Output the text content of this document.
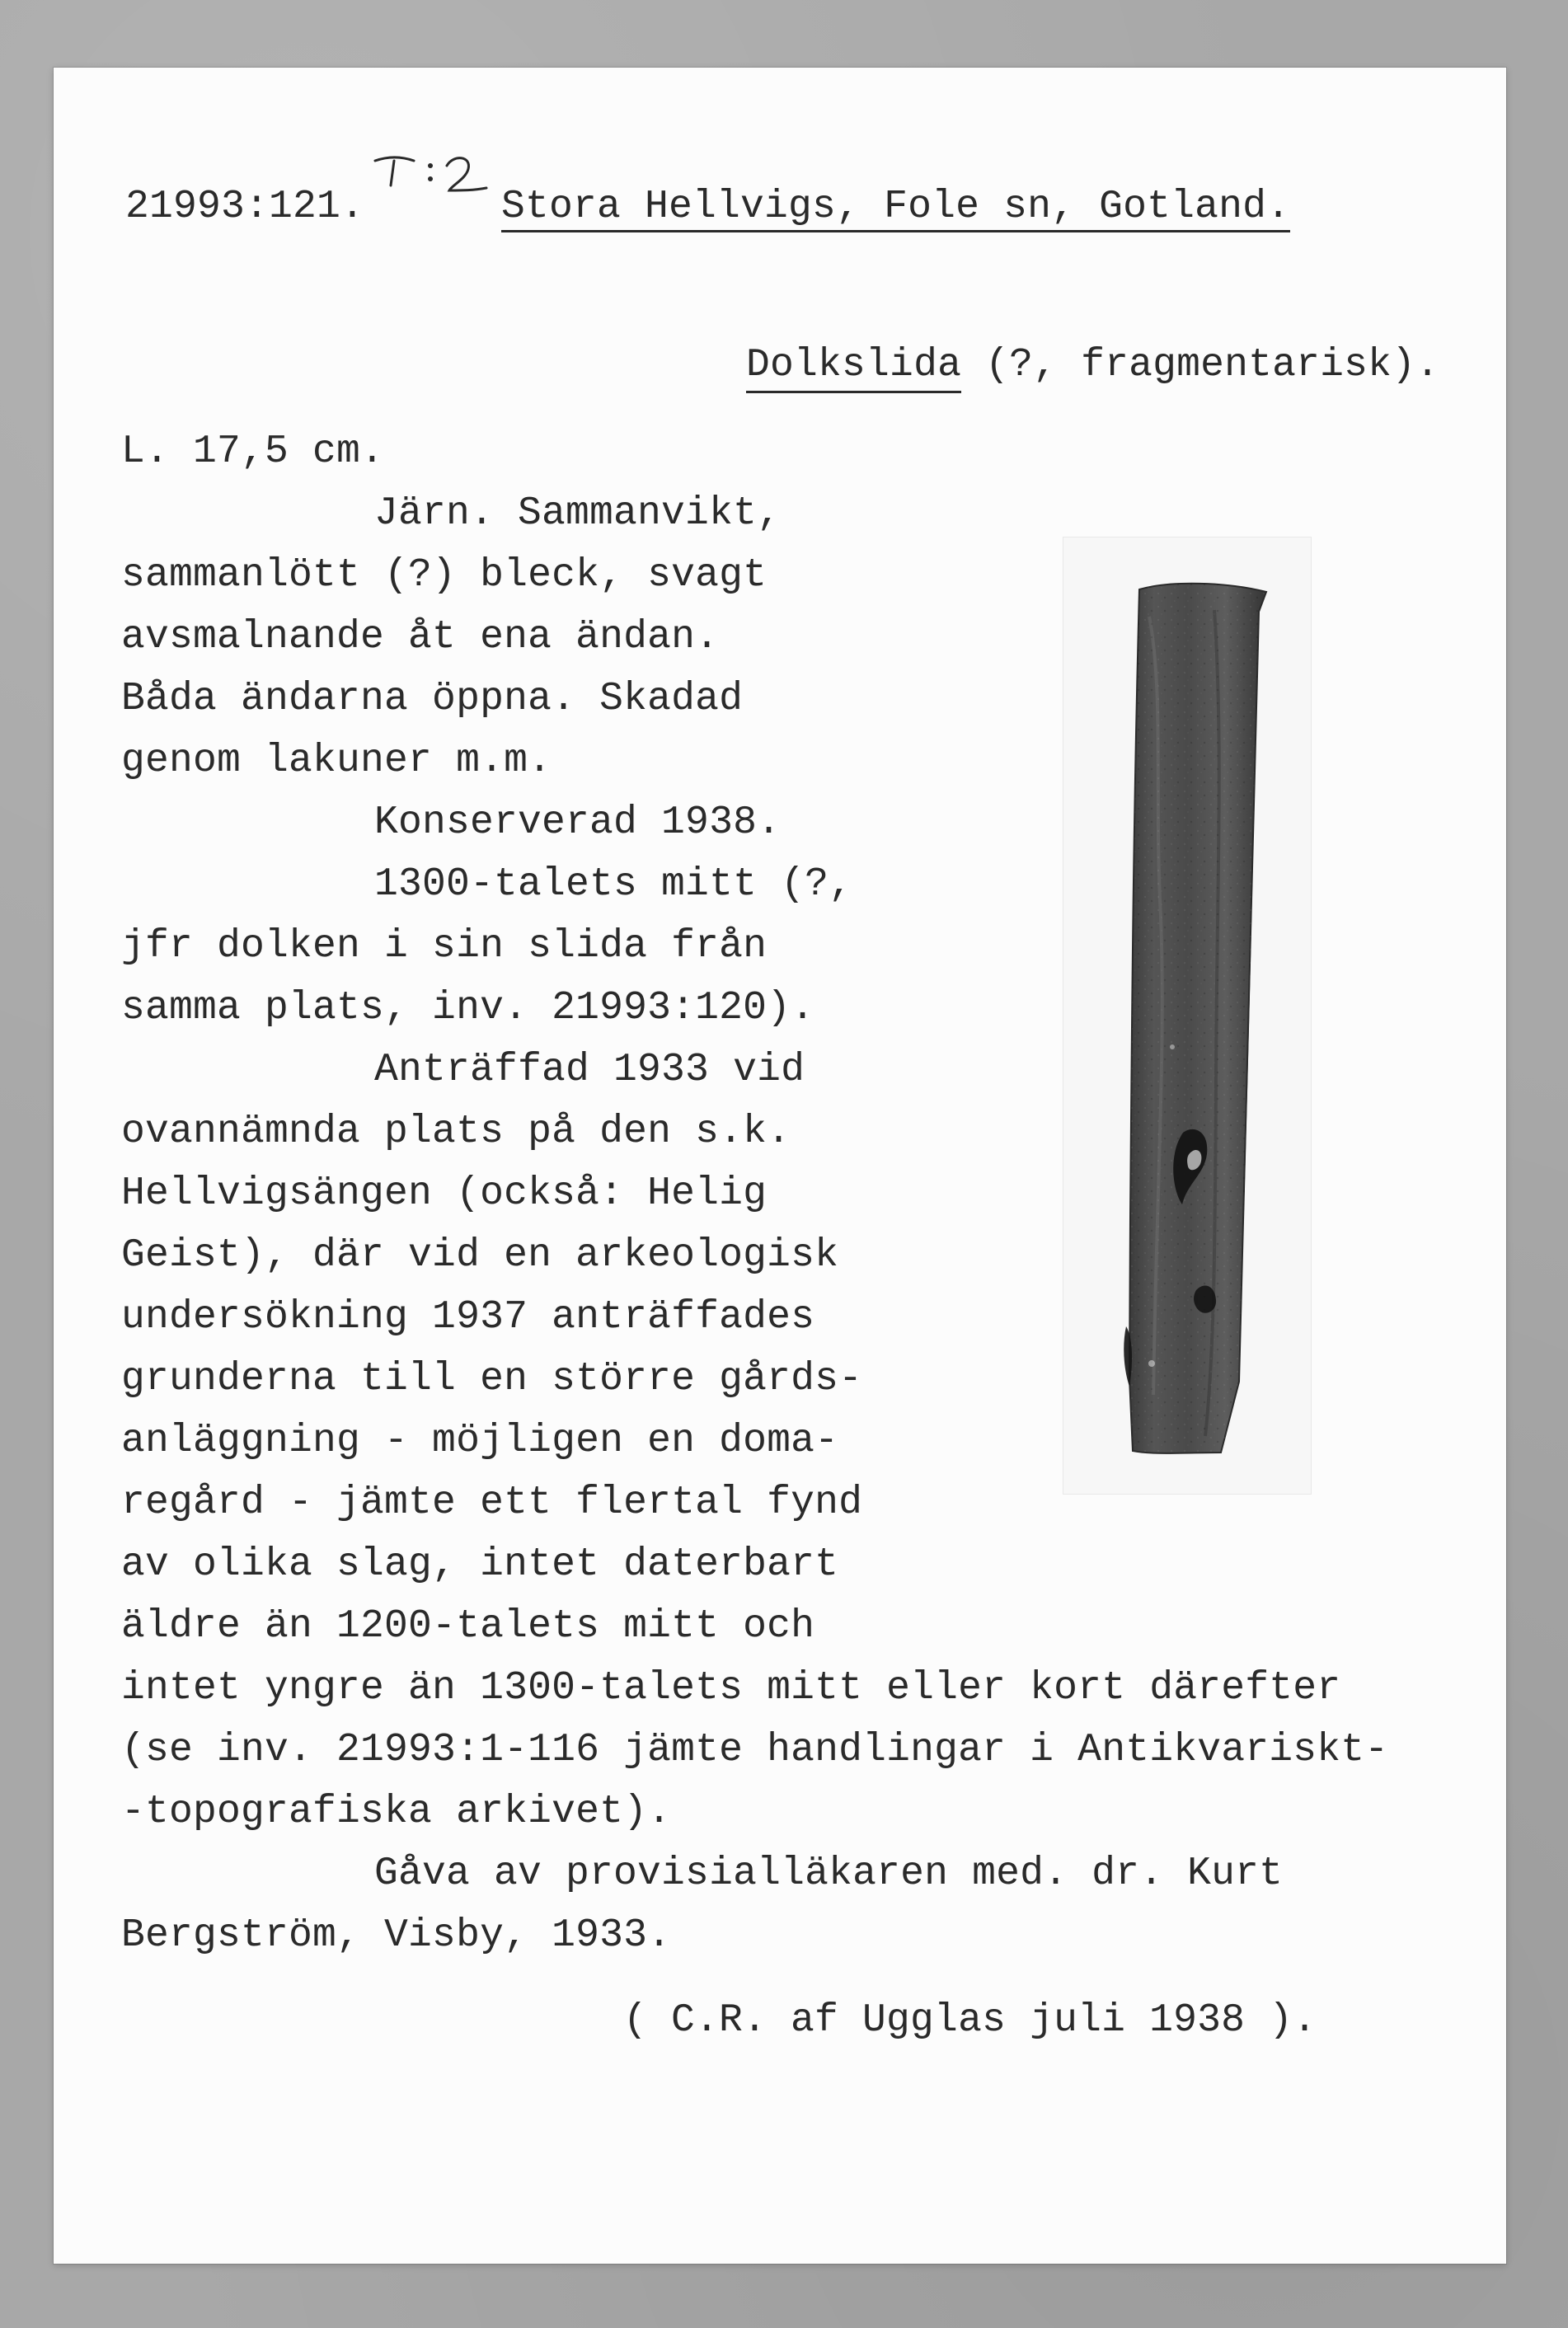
21993:121.	Stora Hellvigs, Fole sn, Gotland.

Dolkslida (?, fragmentarisk).

L. 17,5 cm.
Järn. Sammanvikt,
sammanlött (?) bleck, svagt
avsmalnande åt ena ändan.
Båda ändarna öppna. Skadad
genom lakuner m.m.
Konserverad 1938.
1300-talets mitt (?,
jfr dolken i sin slida från
samma plats, inv. 21993:120).
Anträffad 1933 vid
ovannämnda plats på den s.k.
Hellvigsängen (också: Helig
Geist), där vid en arkeologisk
undersökning 1937 anträffades
grunderna till en större gårds-
anläggning - möjligen en doma-
regård - jämte ett flertal fynd
av olika slag, intet daterbart
äldre än 1200-talets mitt och
intet yngre än 1300-talets mitt eller kort därefter
(se inv. 21993:1-116 jämte handlingar i Antikvariskt-
-topografiska arkivet).
Gåva av provisialläkaren med. dr. Kurt
Bergström, Visby, 1933.
( C.R. af Ugglas juli 1938 ).
